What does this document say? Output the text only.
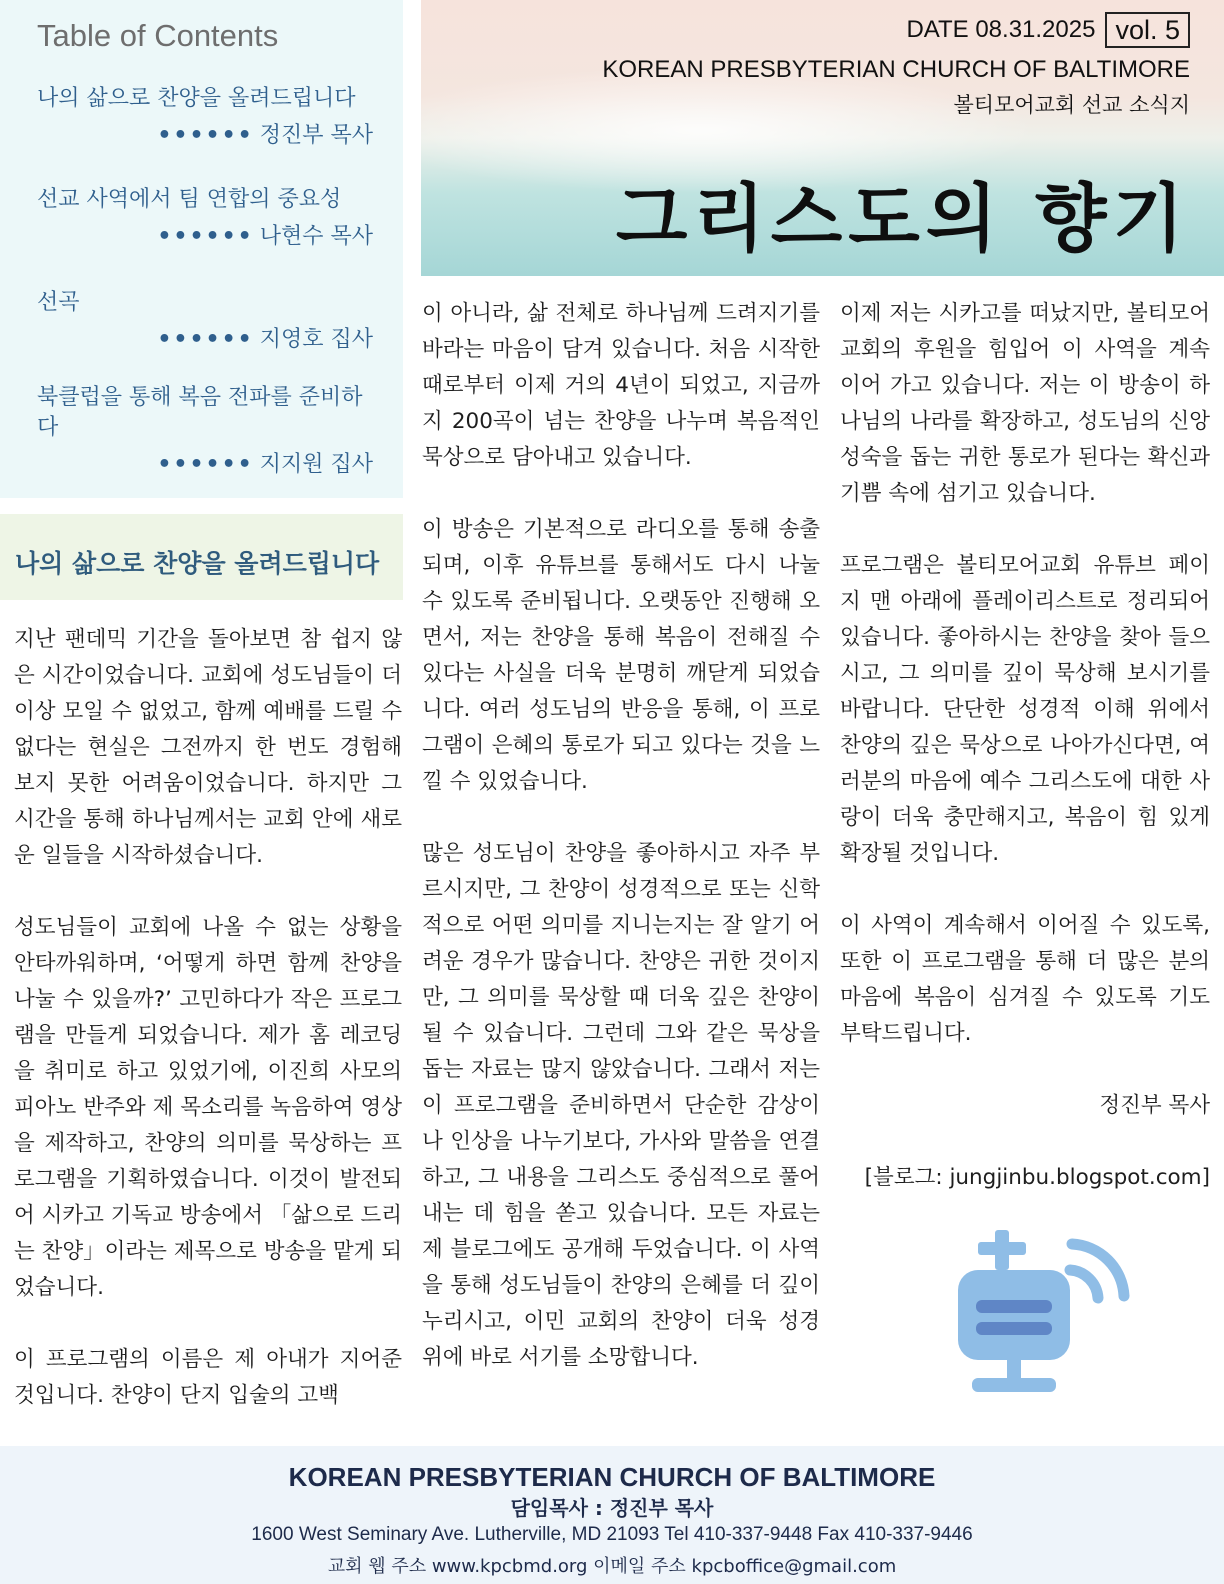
Table of Contents
나의 삶으로 찬양을 올려드립니다
•••••• 정진부 목사
선교 사역에서 팀 연합의 중요성
•••••• 나현수 목사
선곡
•••••• 지영호 집사
북클럽을 통해 복음 전파를 준비하다
•••••• 지지원 집사
DATE 08.31.2025 vol. 5
KOREAN PRESBYTERIAN CHURCH OF BALTIMORE
볼티모어교회 선교 소식지
그리스도의 향기
나의 삶으로 찬양을 올려드립니다

지난 팬데믹 기간을 돌아보면 참 쉽지 않은 시간이었습니다. 교회에 성도님들이 더 이상 모일 수 없었고, 함께 예배를 드릴 수 없다는 현실은 그전까지 한 번도 경험해 보지 못한 어려움이었습니다. 하지만 그 시간을 통해 하나님께서는 교회 안에 새로운 일들을 시작하셨습니다.

성도님들이 교회에 나올 수 없는 상황을 안타까워하며, ‘어떻게 하면 함께 찬양을 나눌 수 있을까?’ 고민하다가 작은 프로그램을 만들게 되었습니다. 제가 홈 레코딩을 취미로 하고 있었기에, 이진희 사모의 피아노 반주와 제 목소리를 녹음하여 영상을 제작하고, 찬양의 의미를 묵상하는 프로그램을 기획하였습니다. 이것이 발전되어 시카고 기독교 방송에서 「삶으로 드리는 찬양」이라는 제목으로 방송을 맡게 되었습니다.

이 프로그램의 이름은 제 아내가 지어준 것입니다. 찬양이 단지 입술의 고백

이 아니라, 삶 전체로 하나님께 드려지기를 바라는 마음이 담겨 있습니다. 처음 시작한 때로부터 이제 거의 4년이 되었고, 지금까지 200곡이 넘는 찬양을 나누며 복음적인 묵상으로 담아내고 있습니다.

이 방송은 기본적으로 라디오를 통해 송출되며, 이후 유튜브를 통해서도 다시 나눌 수 있도록 준비됩니다. 오랫동안 진행해 오면서, 저는 찬양을 통해 복음이 전해질 수 있다는 사실을 더욱 분명히 깨닫게 되었습니다. 여러 성도님의 반응을 통해, 이 프로그램이 은혜의 통로가 되고 있다는 것을 느낄 수 있었습니다.

많은 성도님이 찬양을 좋아하시고 자주 부르시지만, 그 찬양이 성경적으로 또는 신학적으로 어떤 의미를 지니는지는 잘 알기 어려운 경우가 많습니다. 찬양은 귀한 것이지만, 그 의미를 묵상할 때 더욱 깊은 찬양이 될 수 있습니다. 그런데 그와 같은 묵상을 돕는 자료는 많지 않았습니다. 그래서 저는 이 프로그램을 준비하면서 단순한 감상이나 인상을 나누기보다, 가사와 말씀을 연결하고, 그 내용을 그리스도 중심적으로 풀어내는 데 힘을 쏟고 있습니다. 모든 자료는 제 블로그에도 공개해 두었습니다. 이 사역을 통해 성도님들이 찬양의 은혜를 더 깊이 누리시고, 이민 교회의 찬양이 더욱 성경 위에 바로 서기를 소망합니다.

이제 저는 시카고를 떠났지만, 볼티모어교회의 후원을 힘입어 이 사역을 계속 이어 가고 있습니다. 저는 이 방송이 하나님의 나라를 확장하고, 성도님의 신앙 성숙을 돕는 귀한 통로가 된다는 확신과 기쁨 속에 섬기고 있습니다.

프로그램은 볼티모어교회 유튜브 페이지 맨 아래에 플레이리스트로 정리되어 있습니다. 좋아하시는 찬양을 찾아 들으시고, 그 의미를 깊이 묵상해 보시기를 바랍니다. 단단한 성경적 이해 위에서 찬양의 깊은 묵상으로 나아가신다면, 여러분의 마음에 예수 그리스도에 대한 사랑이 더욱 충만해지고, 복음이 힘 있게 확장될 것입니다.

이 사역이 계속해서 이어질 수 있도록, 또한 이 프로그램을 통해 더 많은 분의 마음에 복음이 심겨질 수 있도록 기도 부탁드립니다.

정진부 목사

[블로그: jungjinbu.blogspot.com]

KOREAN PRESBYTERIAN CHURCH OF BALTIMORE
담임목사 : 정진부 목사
1600 West Seminary Ave. Lutherville, MD 21093 Tel 410-337-9448 Fax 410-337-9446
교회 웹 주소 www.kpcbmd.org 이메일 주소 kpcboffice@gmail.com
